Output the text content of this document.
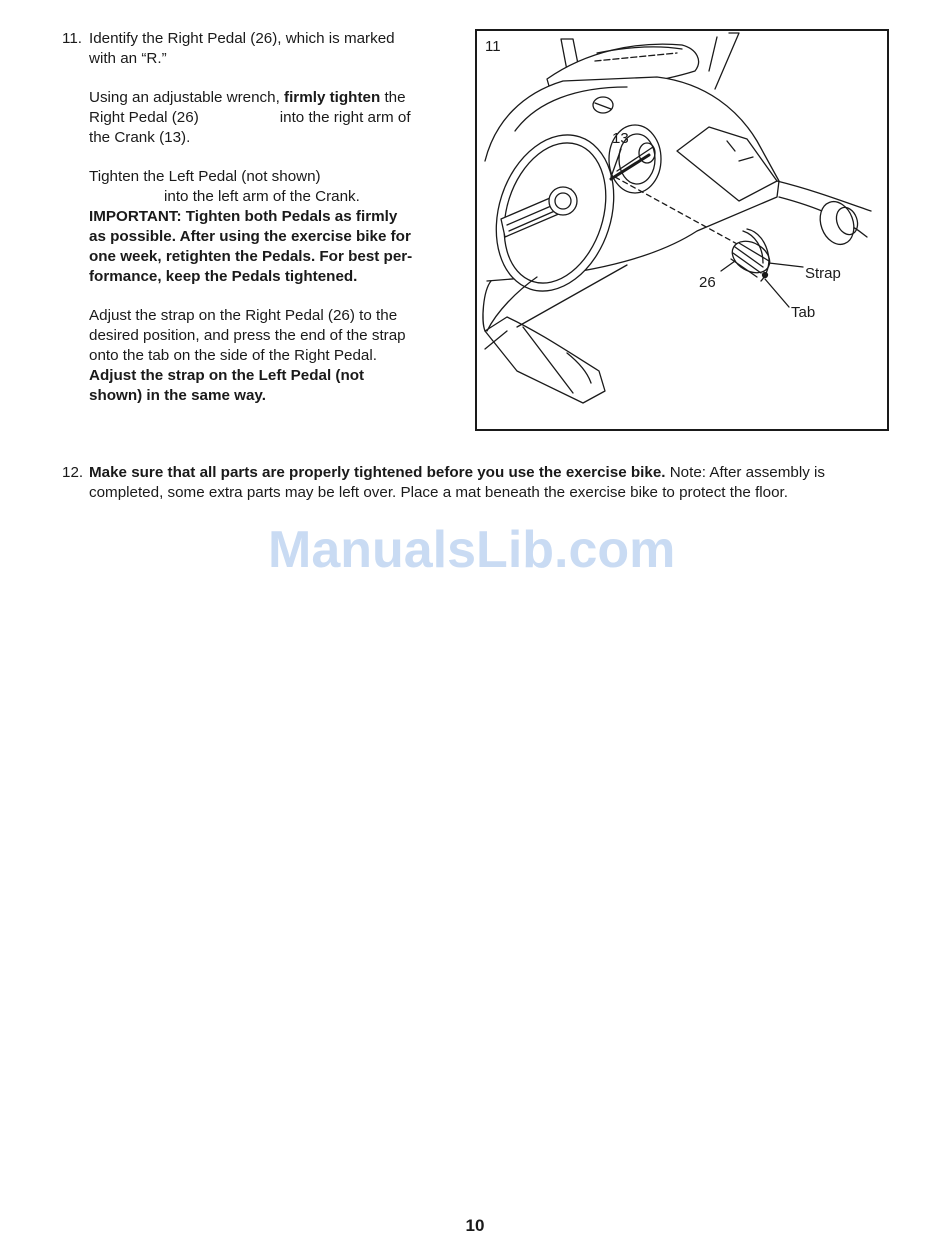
11. Identify the Right Pedal (26), which is marked
with an “R.”
Using an adjustable wrench, firmly tighten the
Right Pedal (26)	into the right arm of
the Crank (13).
Tighten the Left Pedal (not shown)
into the left arm of the Crank.
IMPORTANT: Tighten both Pedals as firmly
as possible. After using the exercise bike for
one week, retighten the Pedals. For best per-
formance, keep the Pedals tightened.
Adjust the strap on the Right Pedal (26) to the
desired position, and press the end of the strap
onto the tab on the side of the Right Pedal.
Adjust the strap on the Left Pedal (not
shown) in the same way.
11
13
26
Strap
Tab
12. Make sure that all parts are properly tightened before you use the exercise bike. Note: After assembly is
completed, some extra parts may be left over. Place a mat beneath the exercise bike to protect the floor.
ManualsLib.com
10
